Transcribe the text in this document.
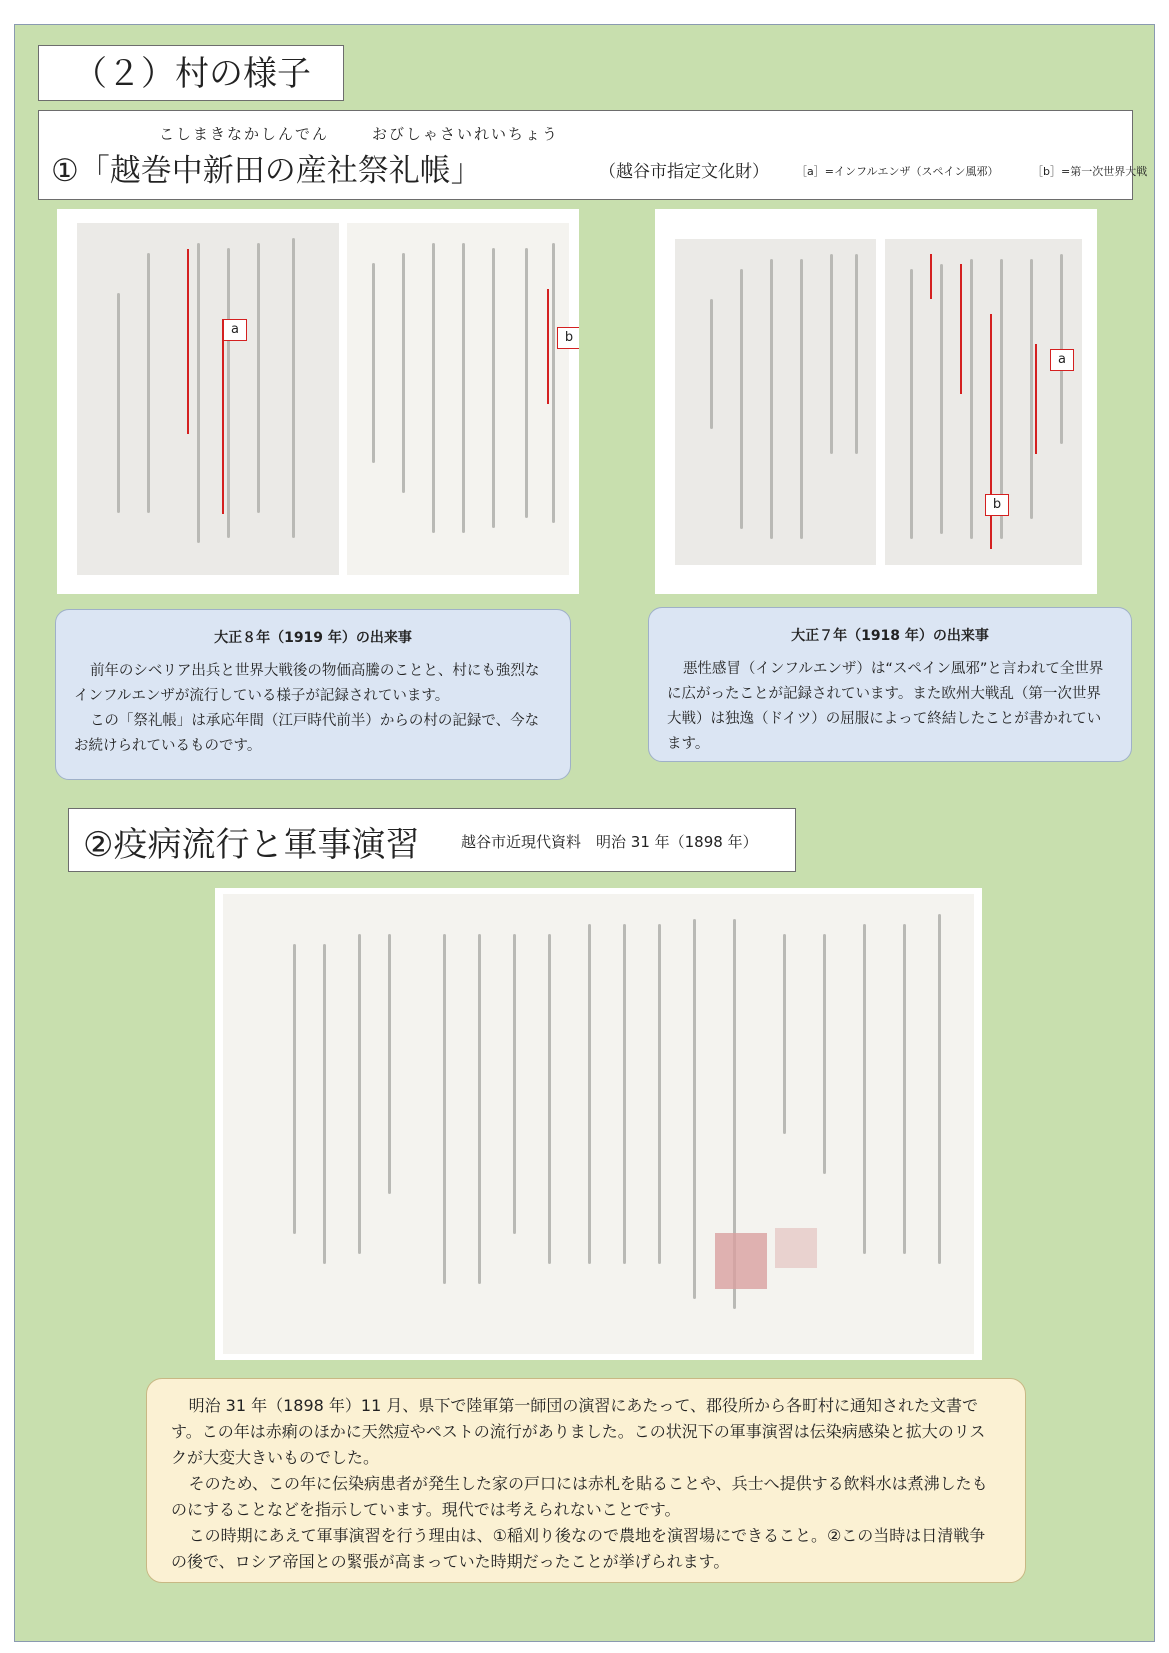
（２）村の様子
こしまきなかしんでん	おびしゃさいれいちょう
①「越巻中新田の産社祭礼帳」	（越谷市指定文化財） ［a］=インフルエンザ（スペイン風邪）	［b］=第一次世界大戦
a
b
a
b
大正８年（1919 年）の出来事

前年のシベリア出兵と世界大戦後の物価高騰のことと、村にも強烈なインフルエンザが流行している様子が記録されています。

この「祭礼帳」は承応年間（江戸時代前半）からの村の記録で、今なお続けられているものです。

大正７年（1918 年）の出来事

悪性感冒（インフルエンザ）は“スペイン風邪”と言われて全世界に広がったことが記録されています。また欧州大戦乱（第一次世界大戦）は独逸（ドイツ）の屈服によって終結したことが書かれています。

②疫病流行と軍事演習	越谷市近現代資料　明治 31 年（1898 年）

明治 31 年（1898 年）11 月、県下で陸軍第一師団の演習にあたって、郡役所から各町村に通知された文書です。この年は赤痢のほかに天然痘やペストの流行がありました。この状況下の軍事演習は伝染病感染と拡大のリスクが大変大きいものでした。

そのため、この年に伝染病患者が発生した家の戸口には赤札を貼ることや、兵士へ提供する飲料水は煮沸したものにすることなどを指示しています。現代では考えられないことです。

この時期にあえて軍事演習を行う理由は、①稲刈り後なので農地を演習場にできること。②この当時は日清戦争の後で、ロシア帝国との緊張が高まっていた時期だったことが挙げられます。
